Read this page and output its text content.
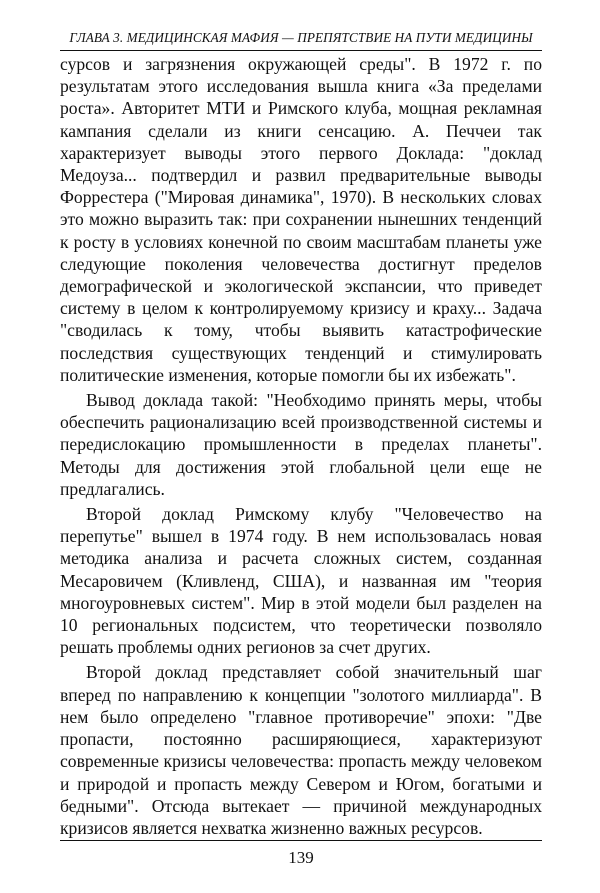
ГЛАВА 3. МЕДИЦИНСКАЯ МАФИЯ — ПРЕПЯТСТВИЕ НА ПУТИ МЕДИЦИНЫ

сурсов и загрязнения окружающей среды". В 1972 г. по результатам этого исследования вышла книга «За пределами роста». Авторитет МТИ и Римского клуба, мощная рекламная кампания сделали из книги сенсацию. А. Печчеи так характеризует выводы этого первого Доклада: "доклад Медоуза... подтвердил и развил предварительные выводы Форрестера ("Мировая динамика", 1970). В нескольких словах это можно выразить так: при сохранении нынешних тенденций к росту в условиях конечной по своим масштабам планеты уже следующие поколения человечества достигнут пределов демографической и экологической экспансии, что приведет систему в целом к контролируемому кризису и краху... Задача "сводилась к тому, чтобы выявить катастрофические последствия существующих тенденций и стимулировать политические изменения, которые помогли бы их избежать".

Вывод доклада такой: "Необходимо принять меры, чтобы обеспечить рационализацию всей производственной системы и передислокацию промышленности в пределах планеты". Методы для достижения этой глобальной цели еще не предлагались.

Второй доклад Римскому клубу "Человечество на перепутье" вышел в 1974 году. В нем использовалась новая методика анализа и расчета сложных систем, созданная Месаровичем (Кливленд, США), и названная им "теория многоуровневых систем". Мир в этой модели был разделен на 10 региональных подсистем, что теоретически позволяло решать проблемы одних регионов за счет других.

Второй доклад представляет собой значительный шаг вперед по направлению к концепции "золотого миллиарда". В нем было определено "главное противоречие" эпохи: "Две пропасти, постоянно расширяющиеся, характеризуют современные кризисы человечества: пропасть между человеком и природой и пропасть между Севером и Югом, богатыми и бедными". Отсюда вытекает — причиной международных кризисов является нехватка жизненно важных ресурсов.

139
